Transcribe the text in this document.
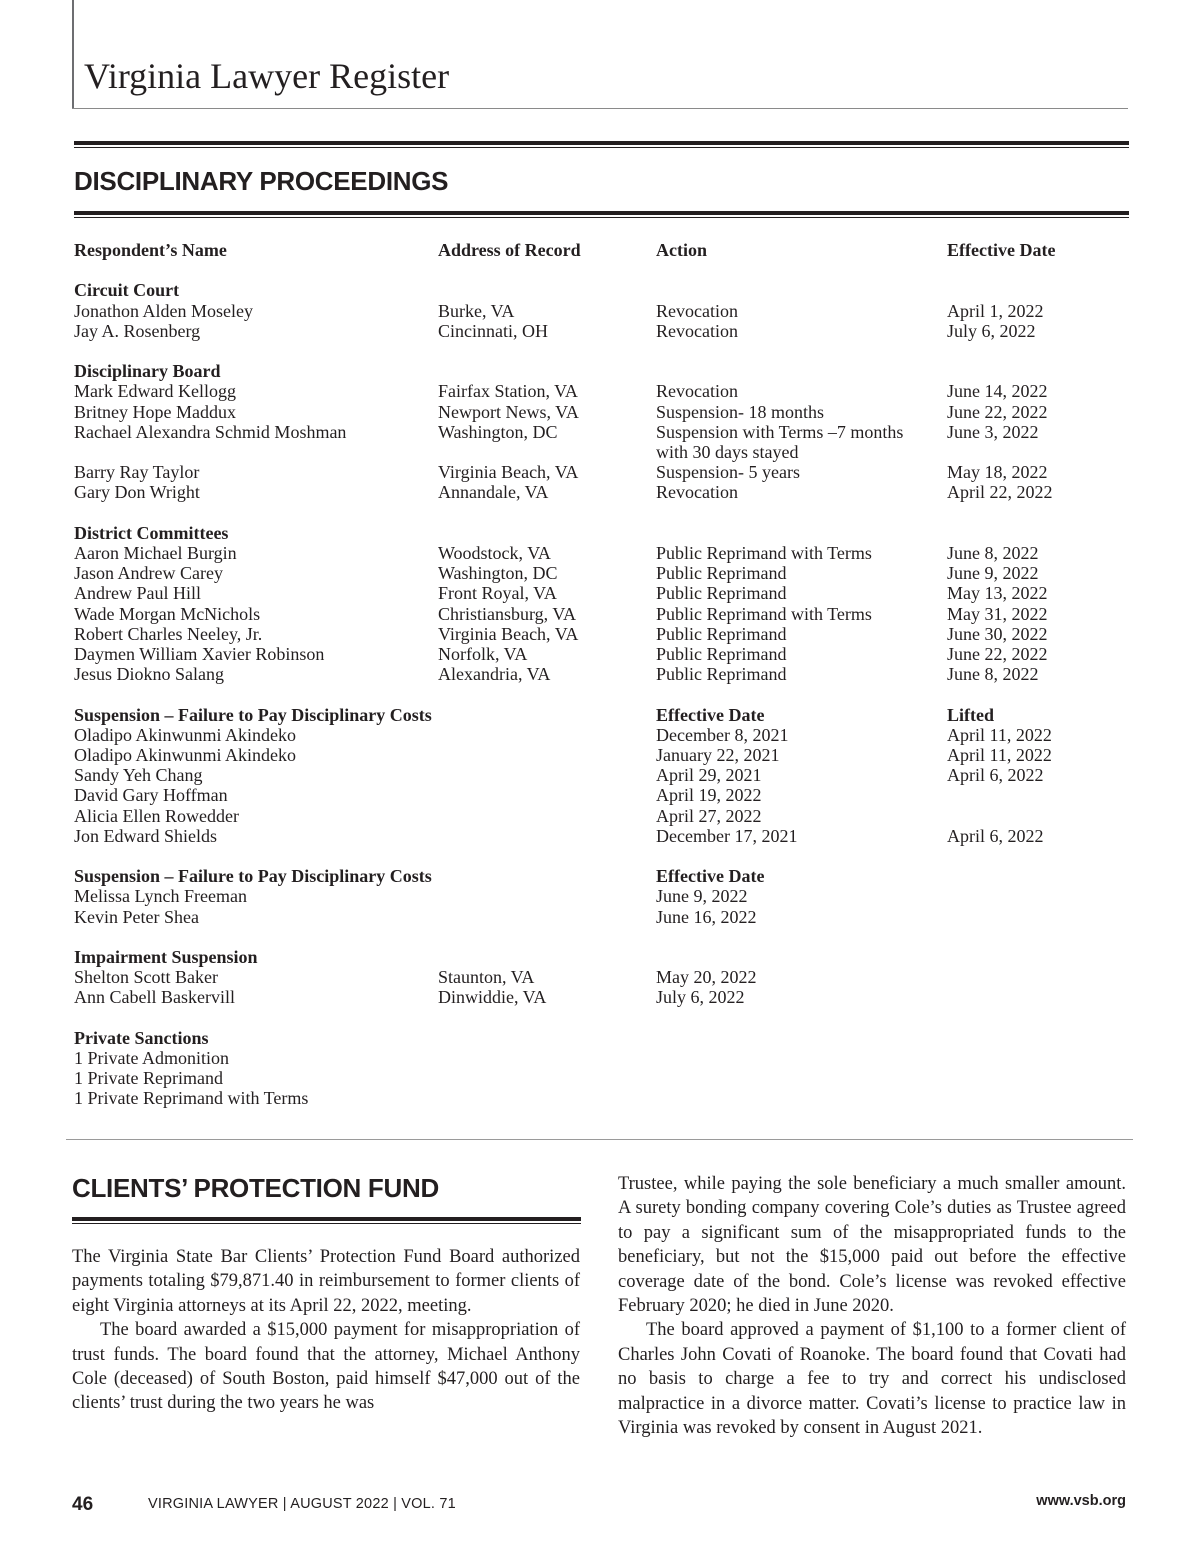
Virginia Lawyer Register
DISCIPLINARY PROCEEDINGS
Respondent’s Name	Address of Record	Action	Effective Date
Circuit Court			
Jonathon Alden Moseley	Burke, VA	Revocation	April 1, 2022
Jay A. Rosenberg	Cincinnati, OH	Revocation	July 6, 2022

Disciplinary Board			
Mark Edward Kellogg	Fairfax Station, VA	Revocation	June 14, 2022
Britney Hope Maddux	Newport News, VA	Suspension- 18 months	June 22, 2022
Rachael Alexandra Schmid Moshman	Washington, DC	Suspension with Terms –7 months	June 3, 2022
		with 30 days stayed	
Barry Ray Taylor	Virginia Beach, VA	Suspension- 5 years	May 18, 2022
Gary Don Wright	Annandale, VA	Revocation	April 22, 2022

District Committees			
Aaron Michael Burgin	Woodstock, VA	Public Reprimand with Terms	June 8, 2022
Jason Andrew Carey	Washington, DC	Public Reprimand	June 9, 2022
Andrew Paul Hill	Front Royal, VA	Public Reprimand	May 13, 2022
Wade Morgan McNichols	Christiansburg, VA	Public Reprimand with Terms	May 31, 2022
Robert Charles Neeley, Jr.	Virginia Beach, VA	Public Reprimand	June 30, 2022
Daymen William Xavier Robinson	Norfolk, VA	Public Reprimand	June 22, 2022
Jesus Diokno Salang	Alexandria, VA	Public Reprimand	June 8, 2022

Suspension – Failure to Pay Disciplinary Costs		Effective Date	Lifted
Oladipo Akinwunmi Akindeko		December 8, 2021	April 11, 2022
Oladipo Akinwunmi Akindeko		January 22, 2021	April 11, 2022
Sandy Yeh Chang		April 29, 2021	April 6, 2022
David Gary Hoffman		April 19, 2022	
Alicia Ellen Rowedder		April 27, 2022	
Jon Edward Shields		December 17, 2021	April 6, 2022

Suspension – Failure to Pay Disciplinary Costs		Effective Date	
Melissa Lynch Freeman		June 9, 2022	
Kevin Peter Shea		June 16, 2022	

Impairment Suspension			
Shelton Scott Baker	Staunton, VA	May 20, 2022	
Ann Cabell Baskervill	Dinwiddie, VA	July 6, 2022	

Private Sanctions			
1 Private Admonition			
1 Private Reprimand			
1 Private Reprimand with Terms			
CLIENTS’ PROTECTION FUND

The Virginia State Bar Clients’ Protection Fund Board authorized payments totaling $79,871.40 in reimbursement to former clients of eight Virginia attorneys at its April 22, 2022, meeting.

The board awarded a $15,000 payment for misappropriation of trust funds. The board found that the attorney, Michael Anthony Cole (deceased) of South Boston, paid himself $47,000 out of the clients’ trust during the two years he was

Trustee, while paying the sole beneficiary a much smaller amount. A surety bonding company covering Cole’s duties as Trustee agreed to pay a significant sum of the misappropriated funds to the beneficiary, but not the $15,000 paid out before the effective coverage date of the bond. Cole’s license was revoked effective February 2020; he died in June 2020.

The board approved a payment of $1,100 to a former client of Charles John Covati of Roanoke. The board found that Covati had no basis to charge a fee to try and correct his undisclosed malpractice in a divorce matter. Covati’s license to practice law in Virginia was revoked by consent in August 2021.

46	VIRGINIA LAWYER | AUGUST 2022 | VOL. 71	www.vsb.org
